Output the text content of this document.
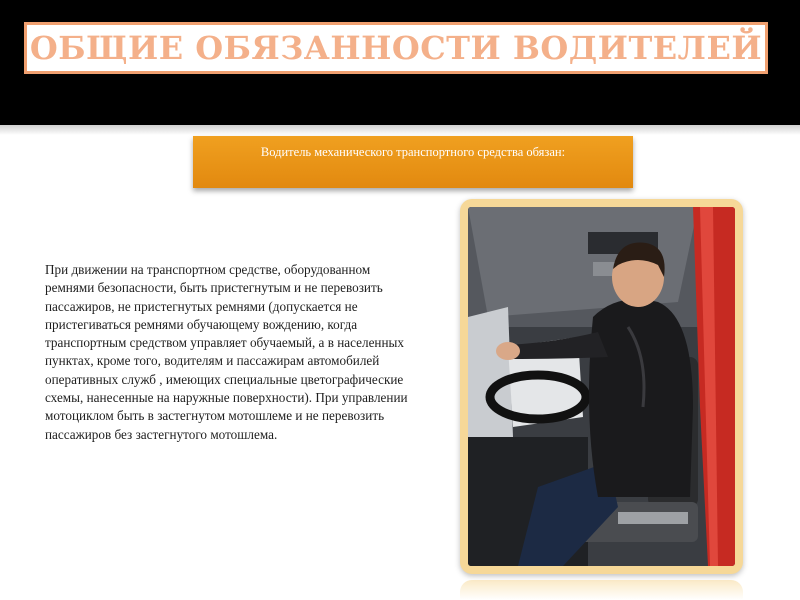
ОБЩИЕ ОБЯЗАННОСТИ ВОДИТЕЛЕЙ
Водитель механического транспортного средства обязан:

При движении на транспортном средстве, оборудованном ремнями безопасности, быть пристегнутым и не перевозить пассажиров, не пристегнутых ремнями (допускается не пристегиваться ремнями обучающему вождению, когда транспортным средством управляет обучаемый, а в населенных пунктах, кроме того, водителям и пассажирам автомобилей оперативных служб , имеющих специальные цветографические схемы, нанесенные на наружные поверхности). При управлении мотоциклом быть в застегнутом мотошлеме и не перевозить пассажиров без застегнутого мотошлема.
